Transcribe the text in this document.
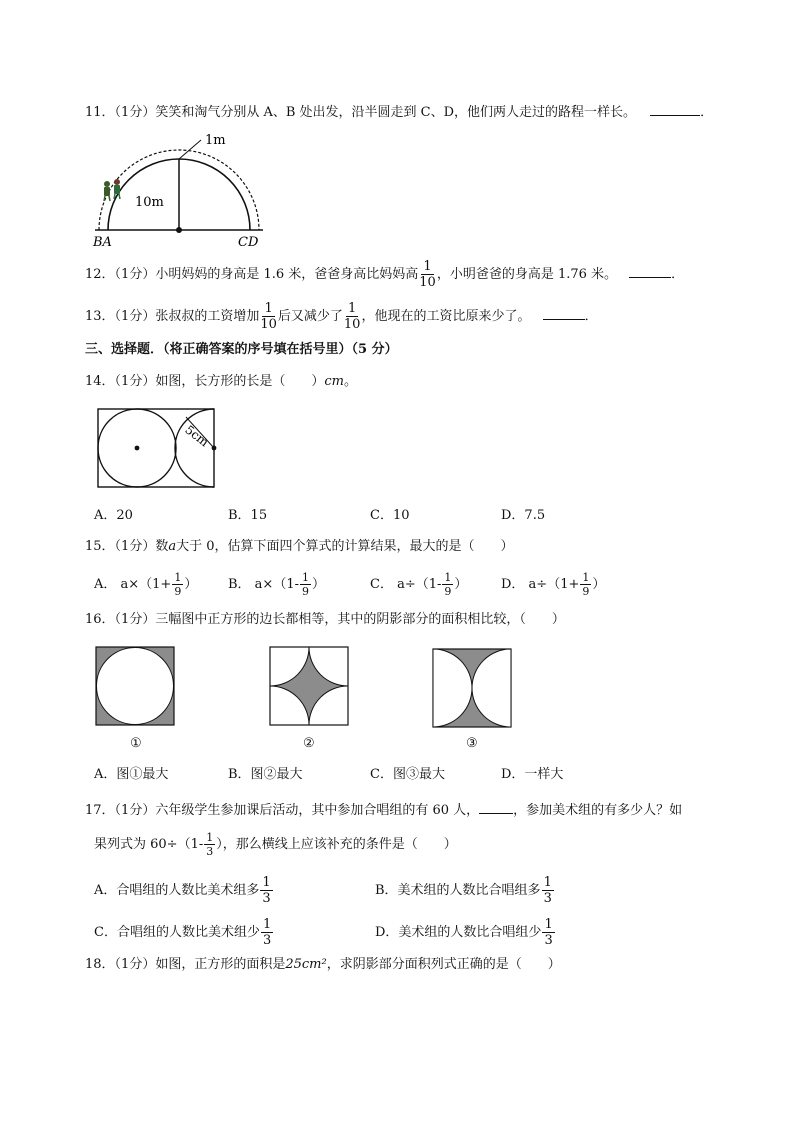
11．（1分）笑笑和淘气分别从 A、B 处出发，沿半圆走到 C、D，他们两人走过的路程一样长。	．
1m
10m
BA	CD
12．（1分）小明妈妈的身高是 1.6 米，爸爸身高比妈妈高 $\frac{1}{10}$ ，小明爸爸的身高是 1.76 米。	．
13．（1分）张叔叔的工资增加 $\frac{1}{10}$ 后又减少了 $\frac{1}{10}$ ，他现在的工资比原来少了。	．
三、选择题．（将正确答案的序号填在括号里）（5 分）
14．（1分）如图，长方形的长是（　　）cm。
5cm
A．20	B．15	C．10	D．7.5
15．（1分）数a大于 0，估算下面四个算式的计算结果，最大的是（　　）
A． $a\times(1+ \frac{1}{9}$ ） B． $a\times(1- \frac{1}{9}$ ）	C． $a\div(1- \frac{1}{9}$ ）	D． $a\div(1+ \frac{1}{9}$ ）
16．（1分）三幅图中正方形的边长都相等，其中的阴影部分的面积相比较，（　　）
①	②	③
A．图①最大	B．图②最大	C．图③最大	D．一样大
17．（1分）六年级学生参加课后活动，其中参加合唱组的有 60 人，	，参加美术组的有多少人？如
果列式为 $60\div(1- \frac{1}{3}$ ），那么横线上应该补充的条件是（　　）
A．合唱组的人数比美术组多 $\frac{1}{3}$	B．美术组的人数比合唱组多 $\frac{1}{3}$
C．合唱组的人数比美术组少 $\frac{1}{3}$	D．美术组的人数比合唱组少 $\frac{1}{3}$
18．（1分）如图，正方形的面积是25cm²，求阴影部分面积列式正确的是（　　）
